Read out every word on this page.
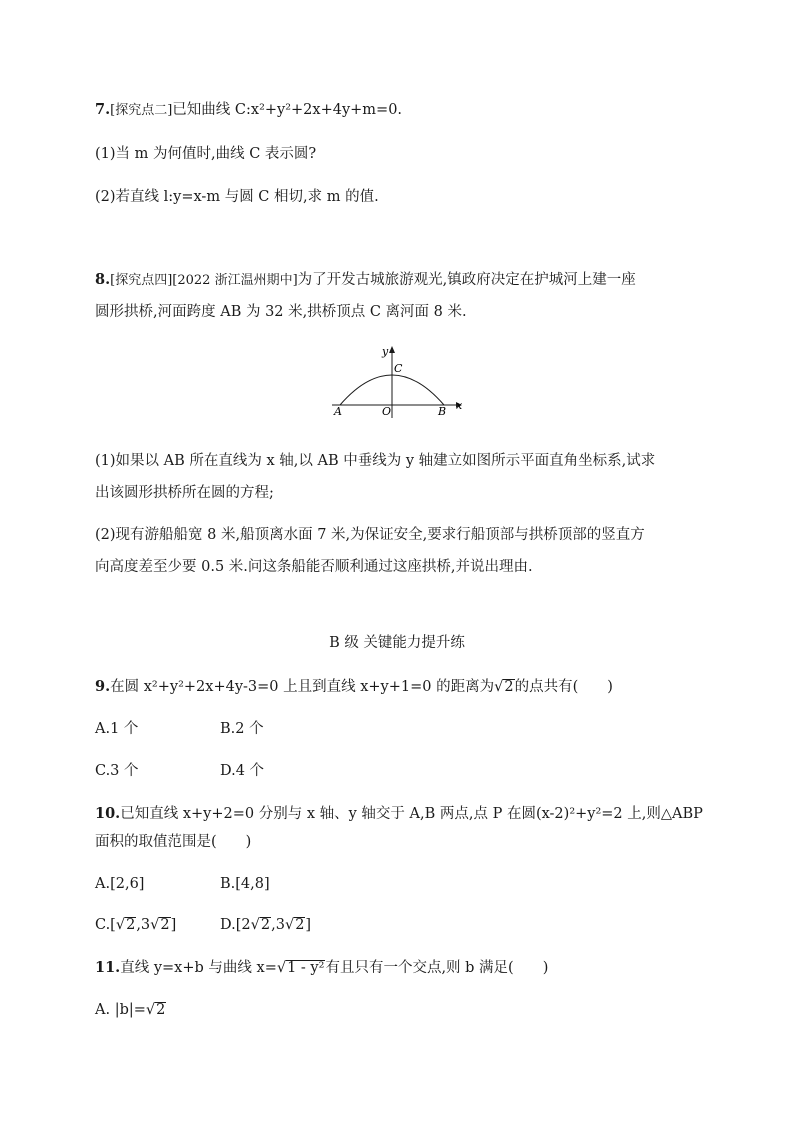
7.[探究点二]已知曲线 C:x²+y²+2x+4y+m=0.
(1)当 m 为何值时,曲线 C 表示圆?
(2)若直线 l:y=x-m 与圆 C 相切,求 m 的值.
8.[探究点四][2022 浙江温州期中]为了开发古城旅游观光,镇政府决定在护城河上建一座
圆形拱桥,河面跨度 AB 为 32 米,拱桥顶点 C 离河面 8 米.
x
y
A	O	B
C
(1)如果以 AB 所在直线为 x 轴,以 AB 中垂线为 y 轴建立如图所示平面直角坐标系,试求
出该圆形拱桥所在圆的方程;
(2)现有游船船宽 8 米,船顶离水面 7 米,为保证安全,要求行船顶部与拱桥顶部的竖直方
向高度差至少要 0.5 米.问这条船能否顺利通过这座拱桥,并说出理由.
B 级 关键能力提升练
9.在圆 x²+y²+2x+4y-3=0 上且到直线 x+y+1=0 的距离为√2的点共有(　　)
A.1 个	B.2 个
C.3 个	D.4 个
10.已知直线 x+y+2=0 分别与 x 轴、y 轴交于 A,B 两点,点 P 在圆(x-2)²+y²=2 上,则△ABP
面积的取值范围是(　　)
A.[2,6]	B.[4,8]
C.[√2,3√2]	D.[2√2,3√2]
11.直线 y=x+b 与曲线 x=√1 - y²有且只有一个交点,则 b 满足(　　)
A. |b|=√2
